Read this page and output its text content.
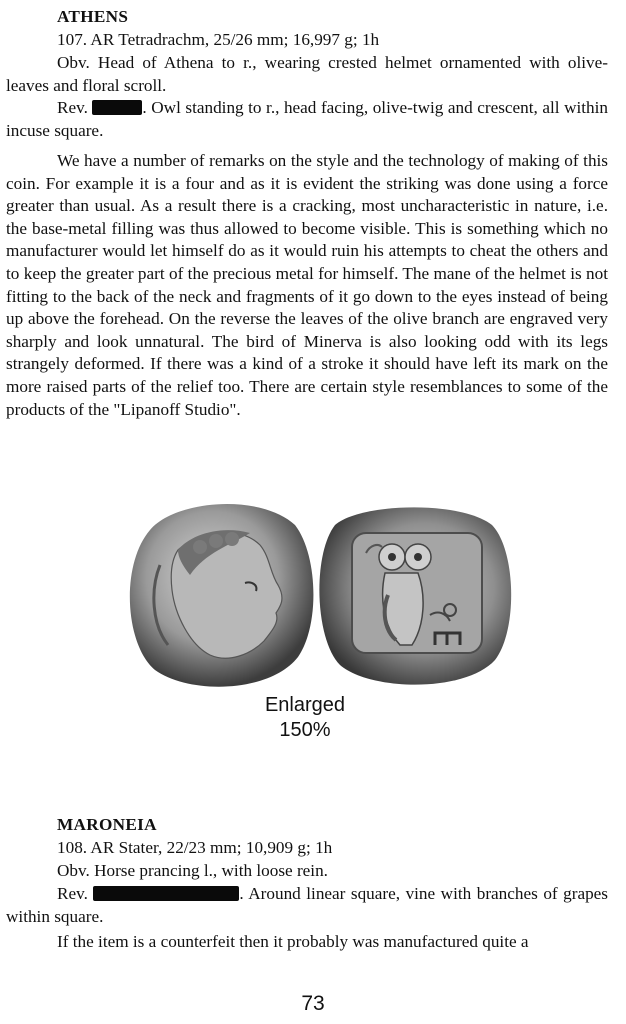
ATHENS

107. AR Tetradrachm, 25/26 mm; 16,997 g; 1h

Obv. Head of Athena to r., wearing crested helmet ornamented with olive-leaves and floral scroll.

Rev.	. Owl standing to r., head facing, olive-twig and crescent, all within incuse square.

We have a number of remarks on the style and the technology of making of this coin. For example it is a four and as it is evident the striking was done using a force greater than usual. As a result there is a cracking, most uncharacteristic in nature, i.e. the base-metal filling was thus allowed to become visible. This is something which no manufacturer would let himself do as it would ruin his attempts to cheat the others and to keep the greater part of the precious metal for himself. The mane of the helmet is not fitting to the back of the neck and fragments of it go down to the eyes instead of being up above the forehead. On the reverse the leaves of the olive branch are engraved very sharply and look unnatural. The bird of Minerva is also looking odd with its legs strangely deformed. If there was a kind of a stroke it should have left its mark on the more raised parts of the relief too. There are certain style resemblances to some of the products of the "Lipanoff Studio".

Enlarged
150%
MARONEIA

108. AR Stater, 22/23 mm; 10,909 g; 1h

Obv. Horse prancing l., with loose rein.

Rev.	. Around linear square, vine with branches of grapes within square.

If the item is a counterfeit then it probably was manufactured quite a

73
